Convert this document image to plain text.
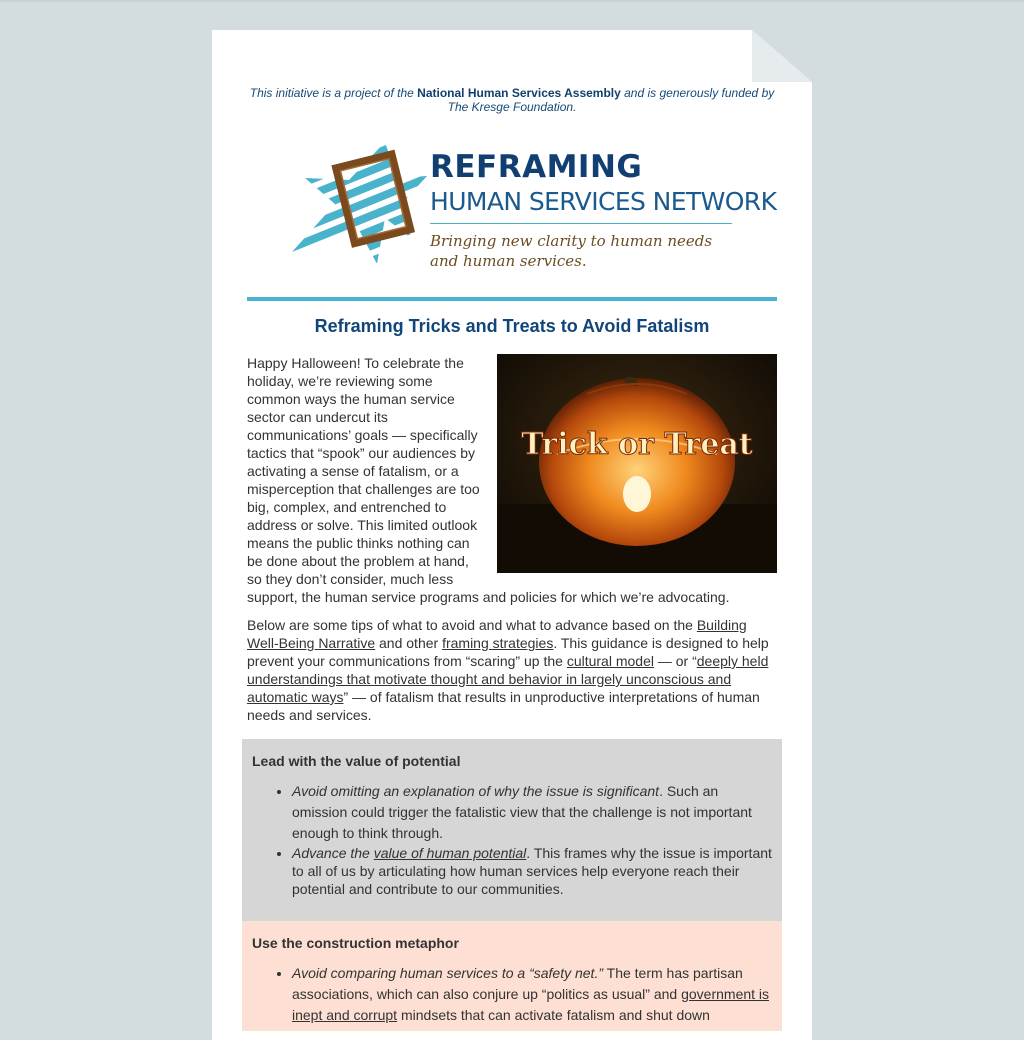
This initiative is a project of the National Human Services Assembly and is generously funded by The Kresge Foundation.
REFRAMING
HUMAN SERVICES NETWORK
Bringing new clarity to human needs and human services.
Reframing Tricks and Treats to Avoid Fatalism
Trick or Treat
Happy Halloween! To celebrate the holiday, we’re reviewing some common ways the human service sector can undercut its communications’ goals — specifically tactics that “spook” our audiences by activating a sense of fatalism, or a misperception that challenges are too big, complex, and entrenched to address or solve. This limited outlook means the public thinks nothing can be done about the problem at hand, so they don’t consider, much less support, the human service programs and policies for which we’re advocating.
Below are some tips of what to avoid and what to advance based on the Building Well-Being Narrative and other framing strategies. This guidance is designed to help prevent your communications from “scaring” up the cultural model — or “deeply held understandings that motivate thought and behavior in largely unconscious and automatic ways” — of fatalism that results in unproductive interpretations of human needs and services.
Lead with the value of potential
• Avoid omitting an explanation of why the issue is significant. Such an omission could trigger the fatalistic view that the challenge is not important enough to think through.
• Advance the value of human potential. This frames why the issue is important to all of us by articulating how human services help everyone reach their potential and contribute to our communities.
Use the construction metaphor
• Avoid comparing human services to a “safety net.” The term has partisan associations, which can also conjure up “politics as usual” and government is inept and corrupt mindsets that can activate fatalism and shut down
